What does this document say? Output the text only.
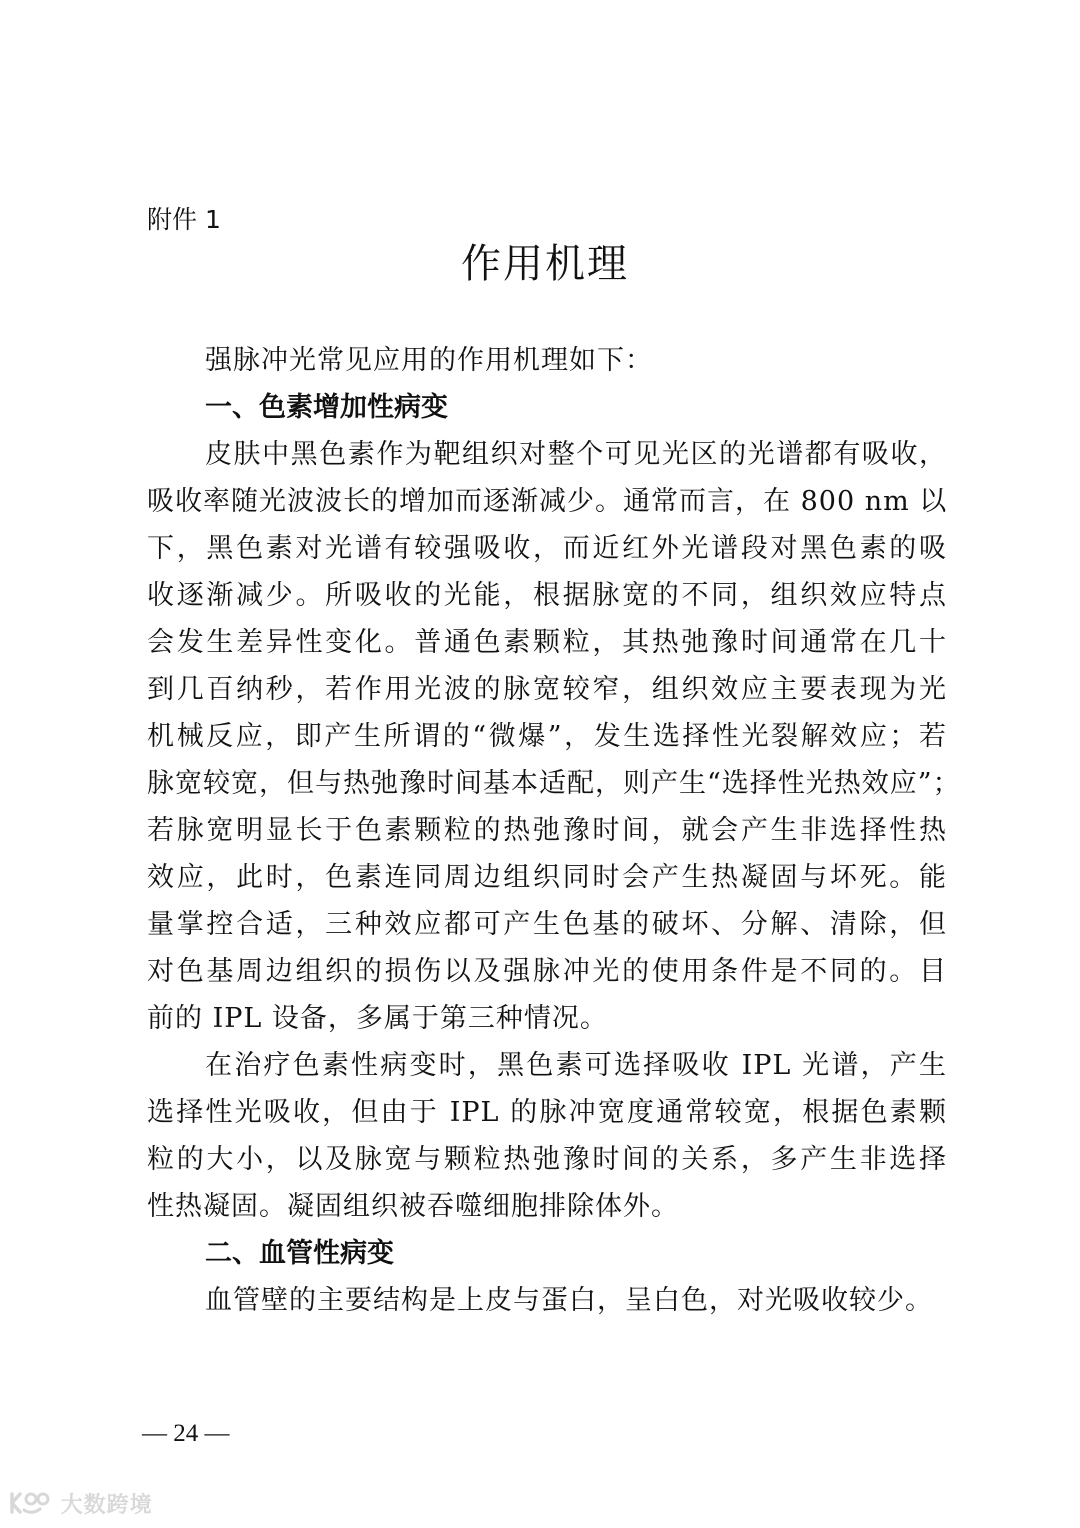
附件 1
作用机理
强脉冲光常见应用的作用机理如下：
一、色素增加性病变
皮肤中黑色素作为靶组织对整个可见光区的光谱都有吸收，
吸收率随光波波长的增加而逐渐减少。通常而言，在 800 nm 以
下，黑色素对光谱有较强吸收，而近红外光谱段对黑色素的吸
收逐渐减少。所吸收的光能，根据脉宽的不同，组织效应特点
会发生差异性变化。普通色素颗粒，其热弛豫时间通常在几十
到几百纳秒，若作用光波的脉宽较窄，组织效应主要表现为光
机械反应，即产生所谓的“微爆”，发生选择性光裂解效应；若
脉宽较宽，但与热弛豫时间基本适配，则产生“选择性光热效应”；
若脉宽明显长于色素颗粒的热弛豫时间，就会产生非选择性热
效应，此时，色素连同周边组织同时会产生热凝固与坏死。能
量掌控合适，三种效应都可产生色基的破坏、分解、清除，但
对色基周边组织的损伤以及强脉冲光的使用条件是不同的。目
前的 IPL 设备，多属于第三种情况。
在治疗色素性病变时，黑色素可选择吸收 IPL 光谱，产生
选择性光吸收，但由于 IPL 的脉冲宽度通常较宽，根据色素颗
粒的大小，以及脉宽与颗粒热弛豫时间的关系，多产生非选择
性热凝固。凝固组织被吞噬细胞排除体外。
二、血管性病变
血管壁的主要结构是上皮与蛋白，呈白色，对光吸收较少。
— 24 —
大数跨境
